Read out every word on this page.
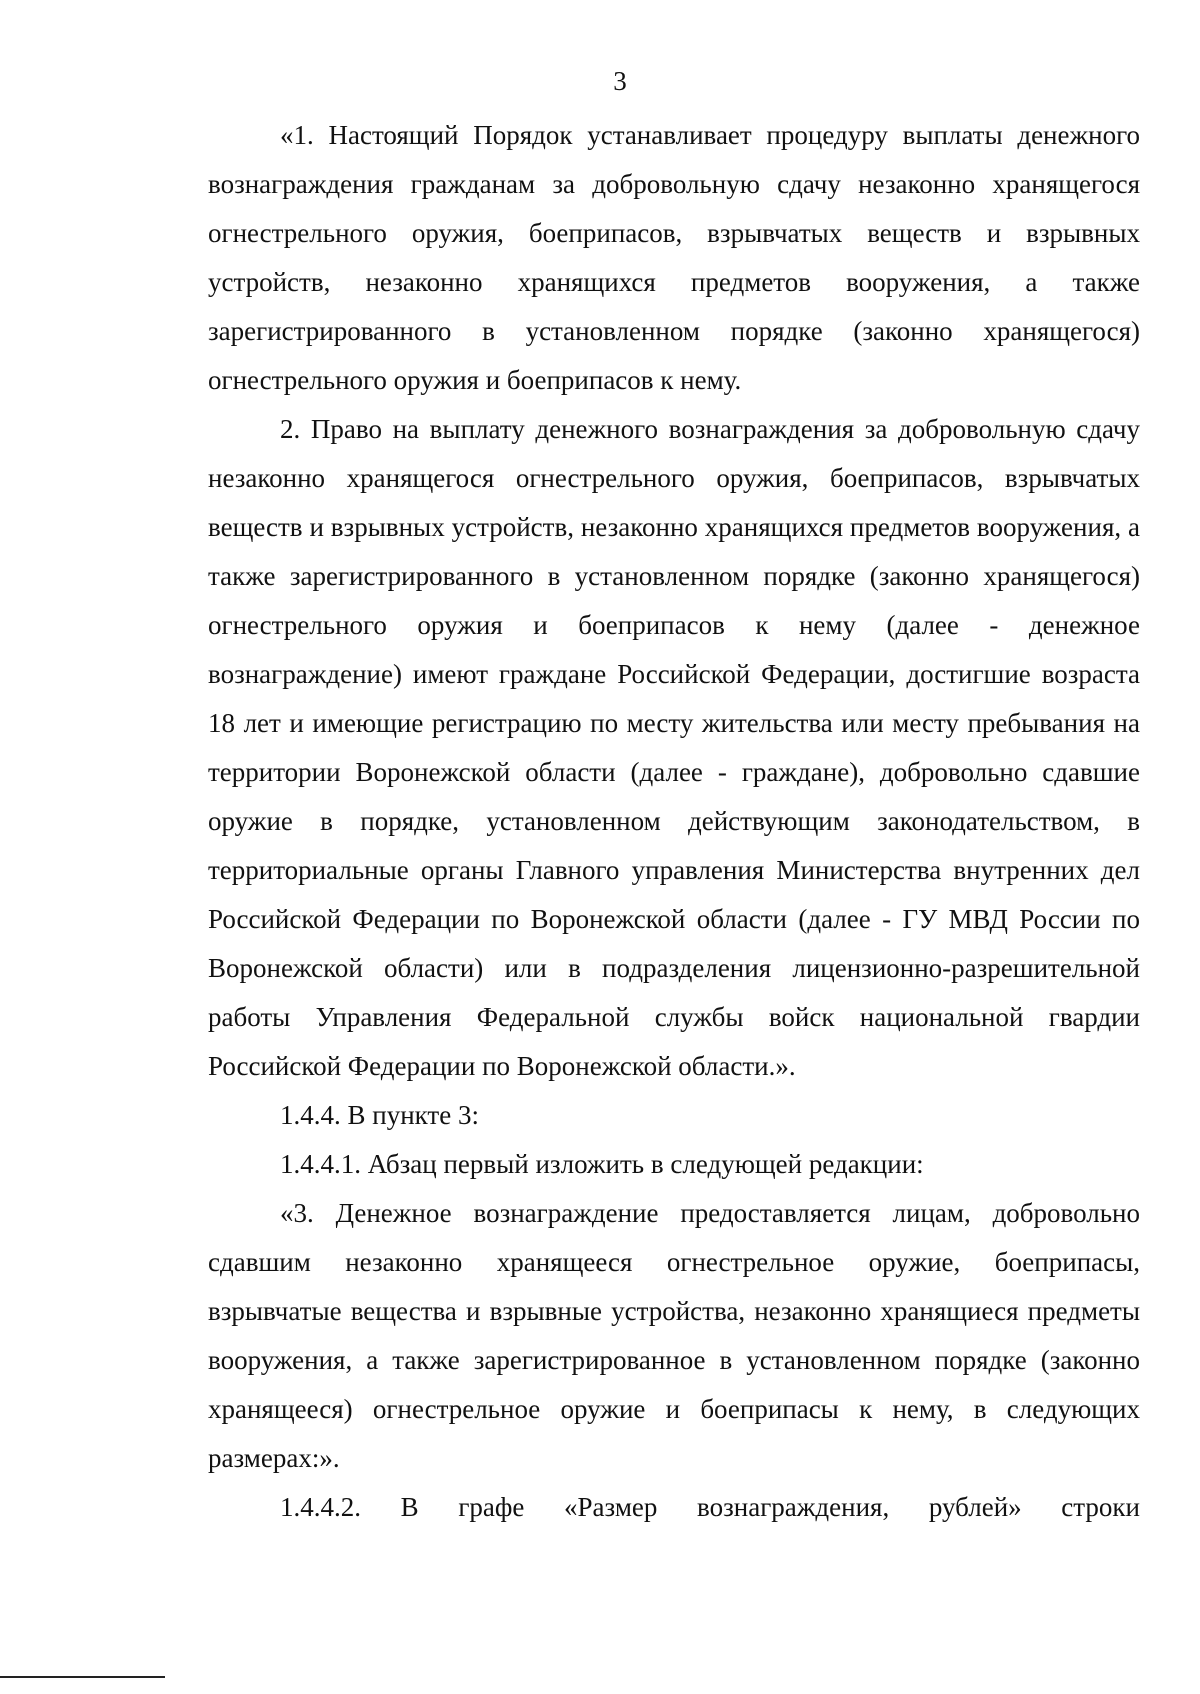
3

«1. Настоящий Порядок устанавливает процедуру выплаты денежного вознаграждения гражданам за добровольную сдачу незаконно хранящегося огнестрельного оружия, боеприпасов, взрывчатых веществ и взрывных устройств, незаконно хранящихся предметов вооружения, а также зарегистрированного в установленном порядке (законно хранящегося) огнестрельного оружия и боеприпасов к нему.

2. Право на выплату денежного вознаграждения за добровольную сдачу незаконно хранящегося огнестрельного оружия, боеприпасов, взрывчатых веществ и взрывных устройств, незаконно хранящихся предметов вооружения, а также зарегистрированного в установленном порядке (законно хранящегося) огнестрельного оружия и боеприпасов к нему (далее - денежное вознаграждение) имеют граждане Российской Федерации, достигшие возраста 18 лет и имеющие регистрацию по месту жительства или месту пребывания на территории Воронежской области (далее - граждане), добровольно сдавшие оружие в порядке, установленном действующим законодательством, в территориальные органы Главного управления Министерства внутренних дел Российской Федерации по Воронежской области (далее - ГУ МВД России по Воронежской области) или в подразделения лицензионно-разрешительной работы Управления Федеральной службы войск национальной гвардии Российской Федерации по Воронежской области.».

1.4.4. В пункте 3:

1.4.4.1. Абзац первый изложить в следующей редакции:

«3. Денежное вознаграждение предоставляется лицам, добровольно сдавшим незаконно хранящееся огнестрельное оружие, боеприпасы, взрывчатые вещества и взрывные устройства, незаконно хранящиеся предметы вооружения, а также зарегистрированное в установленном порядке (законно хранящееся) огнестрельное оружие и боеприпасы к нему, в следующих размерах:».

1.4.4.2. В графе «Размер вознаграждения, рублей» строки
